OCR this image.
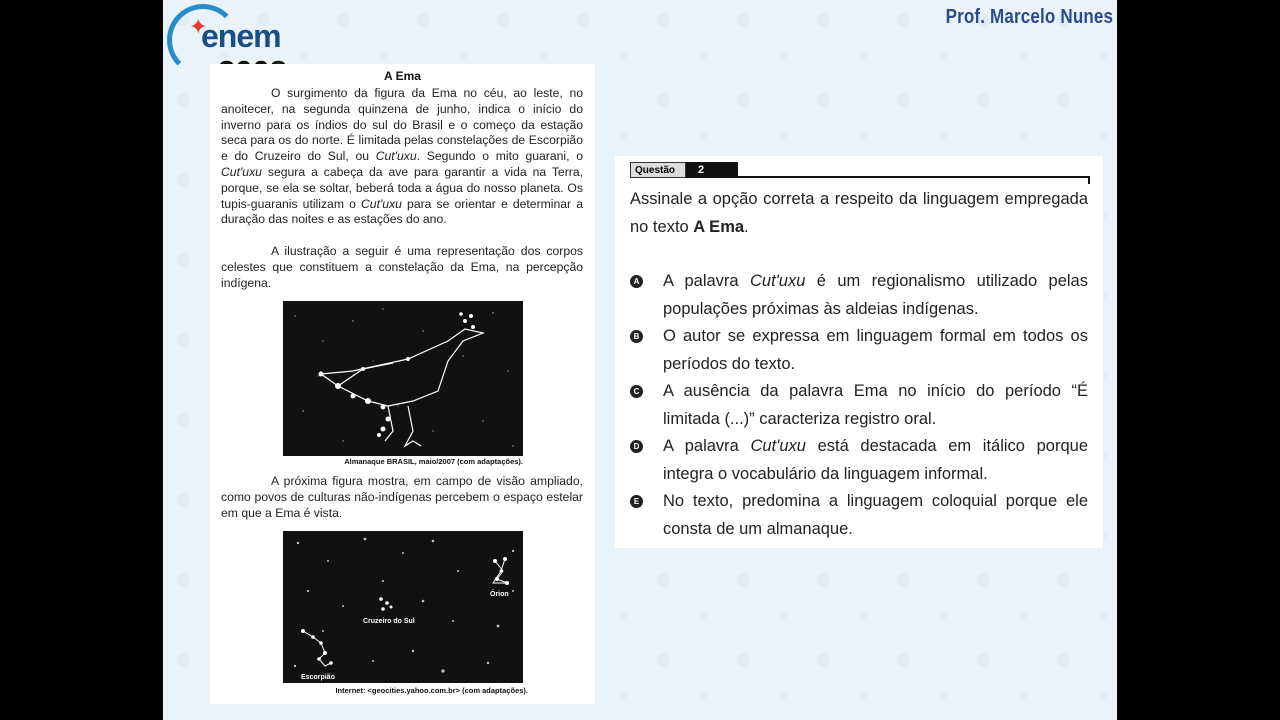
✦
enem
Prof. Marcelo Nunes
A Ema
O surgimento da figura da Ema no céu, ao leste, no anoitecer, na segunda quinzena de junho, indica o início do inverno para os índios do sul do Brasil e o começo da estação seca para os do norte. É limitada pelas constelações de Escorpião e do Cruzeiro do Sul, ou Cut'uxu. Segundo o mito guarani, o Cut'uxu segura a cabeça da ave para garantir a vida na Terra, porque, se ela se soltar, beberá toda a água do nosso planeta. Os tupis-guaranis utilizam o Cut'uxu para se orientar e determinar a duração das noites e as estações do ano.
A ilustração a seguir é uma representação dos corpos celestes que constituem a constelação da Ema, na percepção indígena.
Almanaque BRASIL, maio/2007 (com adaptações).
A próxima figura mostra, em campo de visão ampliado, como povos de culturas não-indígenas percebem o espaço estelar em que a Ema é vista.
Órion
Cruzeiro do Sul
Escorpião
Internet: <geocities.yahoo.com.br> (com adaptações).
Questão	2
Assinale a opção correta a respeito da linguagem empregada no texto A Ema.
A A palavra Cut'uxu é um regionalismo utilizado pelas populações próximas às aldeias indígenas.
B O autor se expressa em linguagem formal em todos os períodos do texto.
C A ausência da palavra Ema no início do período “É limitada (...)” caracteriza registro oral.
D A palavra Cut'uxu está destacada em itálico porque integra o vocabulário da linguagem informal.
E No texto, predomina a linguagem coloquial porque ele consta de um almanaque.
